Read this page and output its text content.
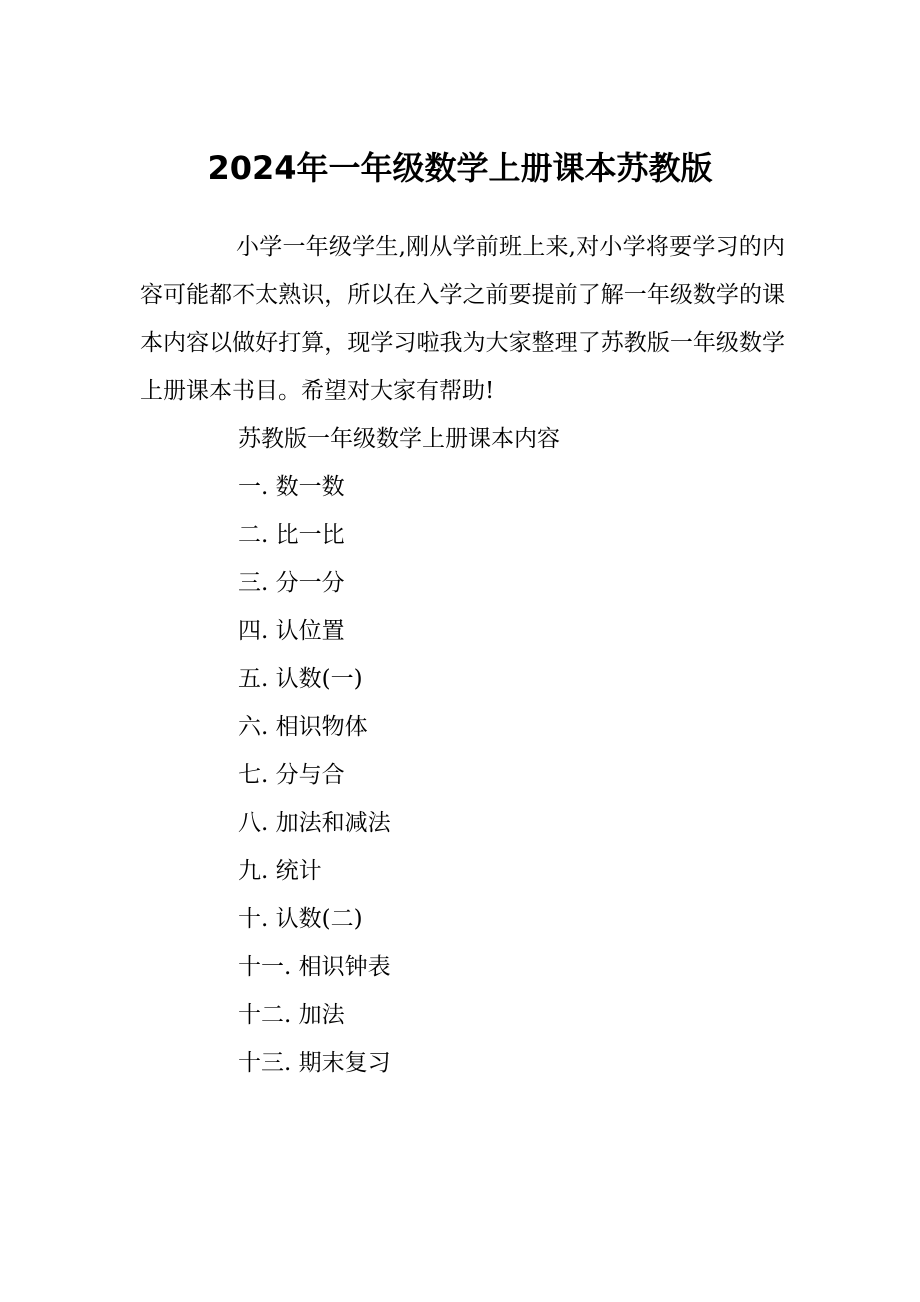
2024年一年级数学上册课本苏教版

小学一年级学生,刚从学前班上来,对小学将要学习的内容可能都不太熟识，所以在入学之前要提前了解一年级数学的课本内容以做好打算，现学习啦我为大家整理了苏教版一年级数学上册课本书目。希望对大家有帮助!

苏教版一年级数学上册课本内容
一. 数一数
二. 比一比
三. 分一分
四. 认位置
五. 认数(一)
六. 相识物体
七. 分与合
八. 加法和减法
九. 统计
十. 认数(二)
十一. 相识钟表
十二. 加法
十三. 期末复习
